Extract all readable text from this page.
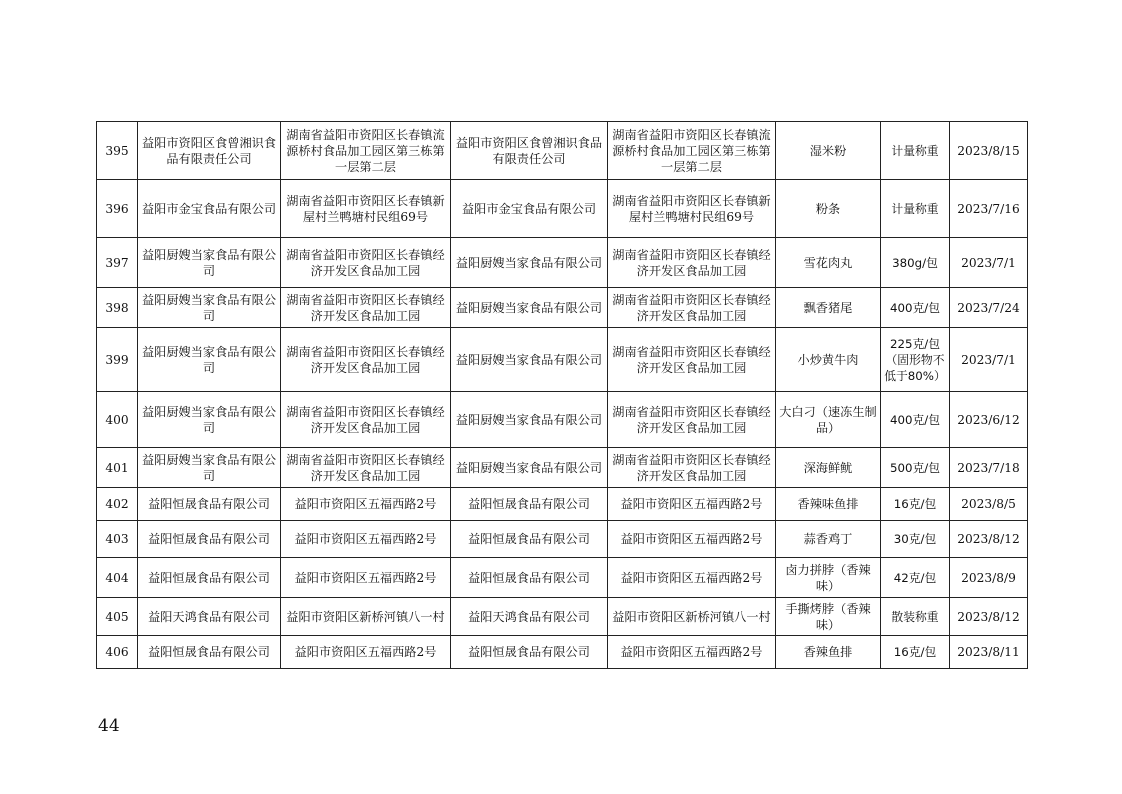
395	益阳市资阳区食曾湘识食品有限责任公司	湖南省益阳市资阳区长春镇流源桥村食品加工园区第三栋第一层第二层	益阳市资阳区食曾湘识食品有限责任公司	湖南省益阳市资阳区长春镇流源桥村食品加工园区第三栋第一层第二层	湿米粉	计量称重	2023/8/15
396	益阳市金宝食品有限公司	湖南省益阳市资阳区长春镇新屋村兰鸭塘村民组69号	益阳市金宝食品有限公司	湖南省益阳市资阳区长春镇新屋村兰鸭塘村民组69号	粉条	计量称重	2023/7/16
397	益阳厨嫂当家食品有限公司	湖南省益阳市资阳区长春镇经济开发区食品加工园	益阳厨嫂当家食品有限公司	湖南省益阳市资阳区长春镇经济开发区食品加工园	雪花肉丸	380g/包	2023/7/1
398	益阳厨嫂当家食品有限公司	湖南省益阳市资阳区长春镇经济开发区食品加工园	益阳厨嫂当家食品有限公司	湖南省益阳市资阳区长春镇经济开发区食品加工园	飘香猪尾	400克/包	2023/7/24
399	益阳厨嫂当家食品有限公司	湖南省益阳市资阳区长春镇经济开发区食品加工园	益阳厨嫂当家食品有限公司	湖南省益阳市资阳区长春镇经济开发区食品加工园	小炒黄牛肉	225克/包（固形物不低于80%）	2023/7/1
400	益阳厨嫂当家食品有限公司	湖南省益阳市资阳区长春镇经济开发区食品加工园	益阳厨嫂当家食品有限公司	湖南省益阳市资阳区长春镇经济开发区食品加工园	大白刁（速冻生制品）	400克/包	2023/6/12
401	益阳厨嫂当家食品有限公司	湖南省益阳市资阳区长春镇经济开发区食品加工园	益阳厨嫂当家食品有限公司	湖南省益阳市资阳区长春镇经济开发区食品加工园	深海鲜鱿	500克/包	2023/7/18
402	益阳恒晟食品有限公司	益阳市资阳区五福西路2号	益阳恒晟食品有限公司	益阳市资阳区五福西路2号	香辣味鱼排	16克/包	2023/8/5
403	益阳恒晟食品有限公司	益阳市资阳区五福西路2号	益阳恒晟食品有限公司	益阳市资阳区五福西路2号	蒜香鸡丁	30克/包	2023/8/12
404	益阳恒晟食品有限公司	益阳市资阳区五福西路2号	益阳恒晟食品有限公司	益阳市资阳区五福西路2号	卤力拼脖（香辣味）	42克/包	2023/8/9
405	益阳天鸿食品有限公司	益阳市资阳区新桥河镇八一村	益阳天鸿食品有限公司	益阳市资阳区新桥河镇八一村	手撕烤脖（香辣味）	散装称重	2023/8/12
406	益阳恒晟食品有限公司	益阳市资阳区五福西路2号	益阳恒晟食品有限公司	益阳市资阳区五福西路2号	香辣鱼排	16克/包	2023/8/11
44
